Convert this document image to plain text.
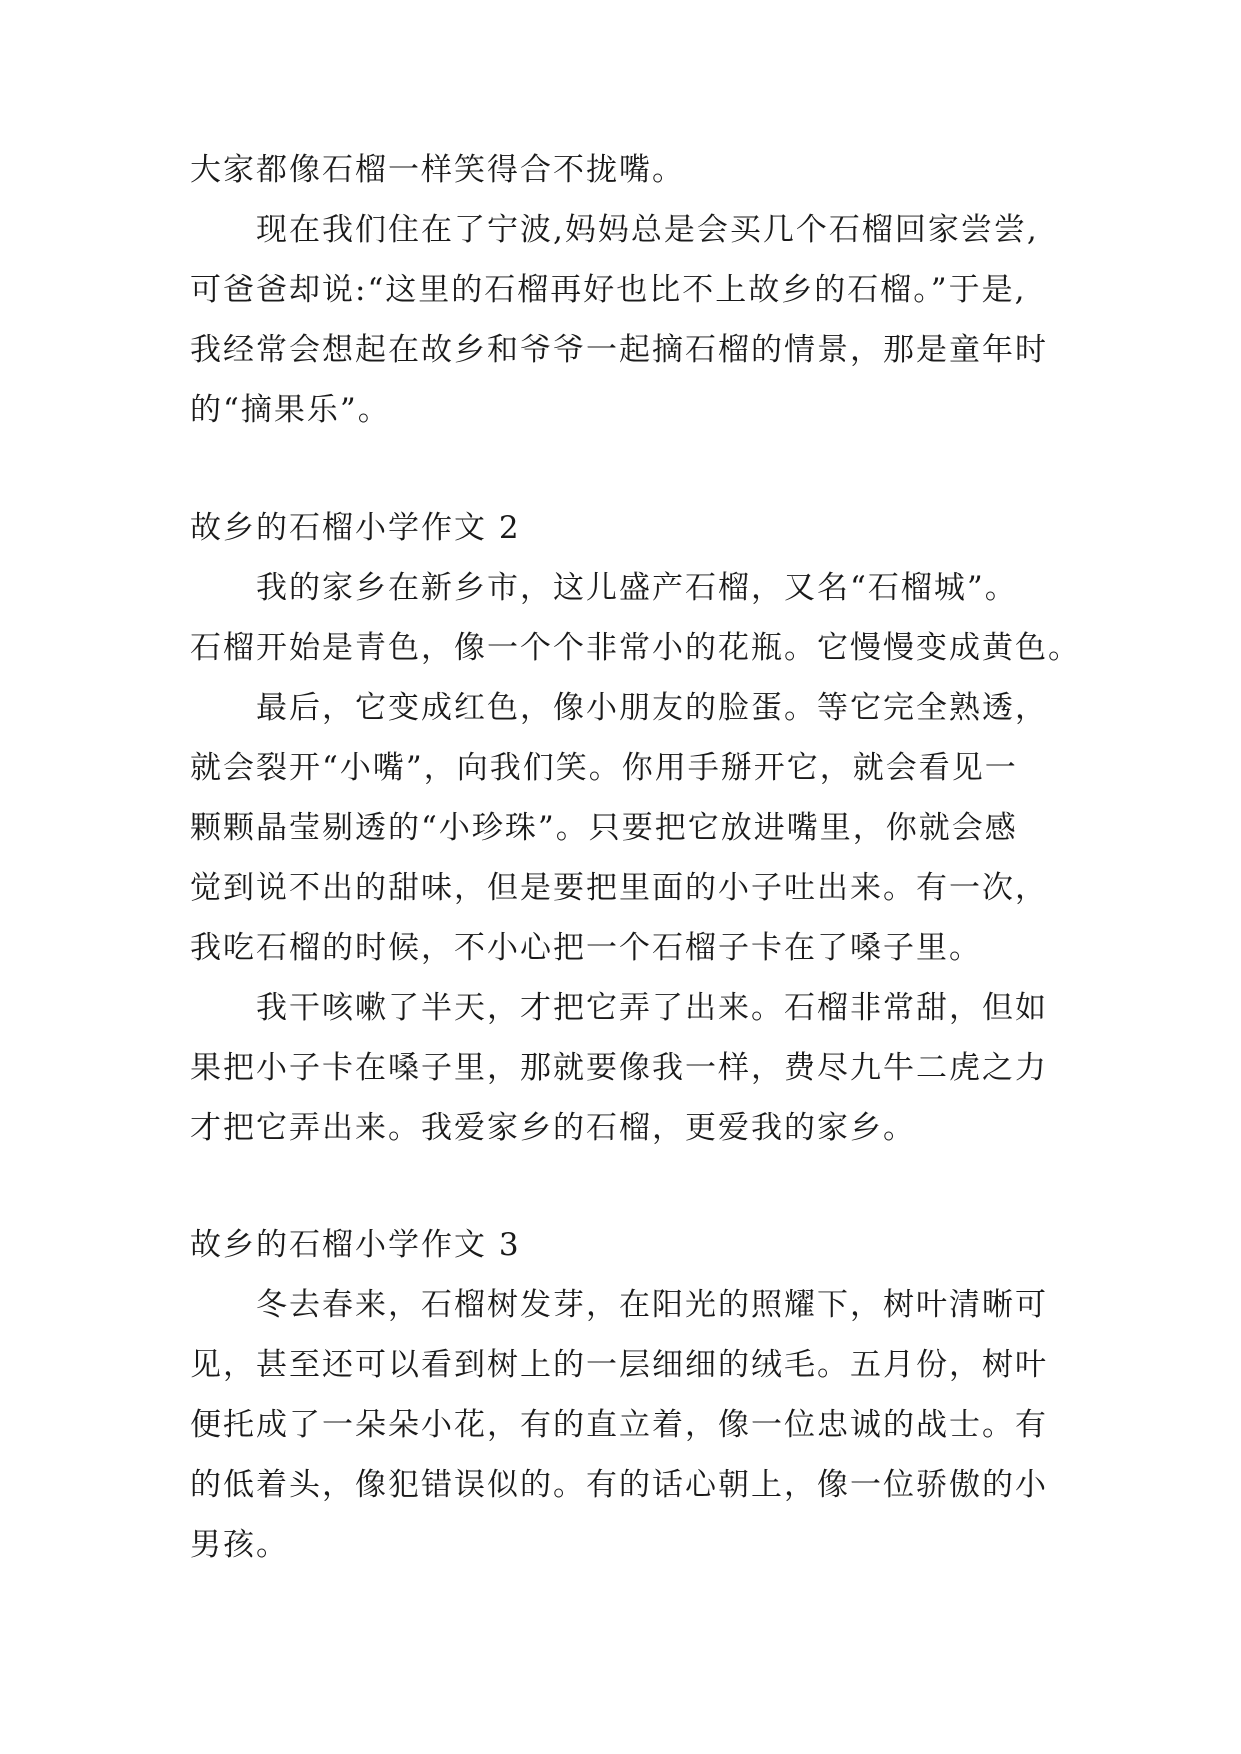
大家都像石榴一样笑得合不拢嘴。
现在我们住在了宁波,妈妈总是会买几个石榴回家尝尝,
可爸爸却说:“这里的石榴再好也比不上故乡的石榴。”于是,
我经常会想起在故乡和爷爷一起摘石榴的情景，那是童年时
的“摘果乐”。
故乡的石榴小学作文 2
我的家乡在新乡市，这儿盛产石榴，又名“石榴城”。
石榴开始是青色，像一个个非常小的花瓶。它慢慢变成黄色。
最后，它变成红色，像小朋友的脸蛋。等它完全熟透，
就会裂开“小嘴”，向我们笑。你用手掰开它，就会看见一
颗颗晶莹剔透的“小珍珠”。只要把它放进嘴里，你就会感
觉到说不出的甜味，但是要把里面的小子吐出来。有一次，
我吃石榴的时候，不小心把一个石榴子卡在了嗓子里。
我干咳嗽了半天，才把它弄了出来。石榴非常甜，但如
果把小子卡在嗓子里，那就要像我一样，费尽九牛二虎之力
才把它弄出来。我爱家乡的石榴，更爱我的家乡。
故乡的石榴小学作文 3
冬去春来，石榴树发芽，在阳光的照耀下，树叶清晰可
见，甚至还可以看到树上的一层细细的绒毛。五月份，树叶
便托成了一朵朵小花，有的直立着，像一位忠诚的战士。有
的低着头，像犯错误似的。有的话心朝上，像一位骄傲的小
男孩。
